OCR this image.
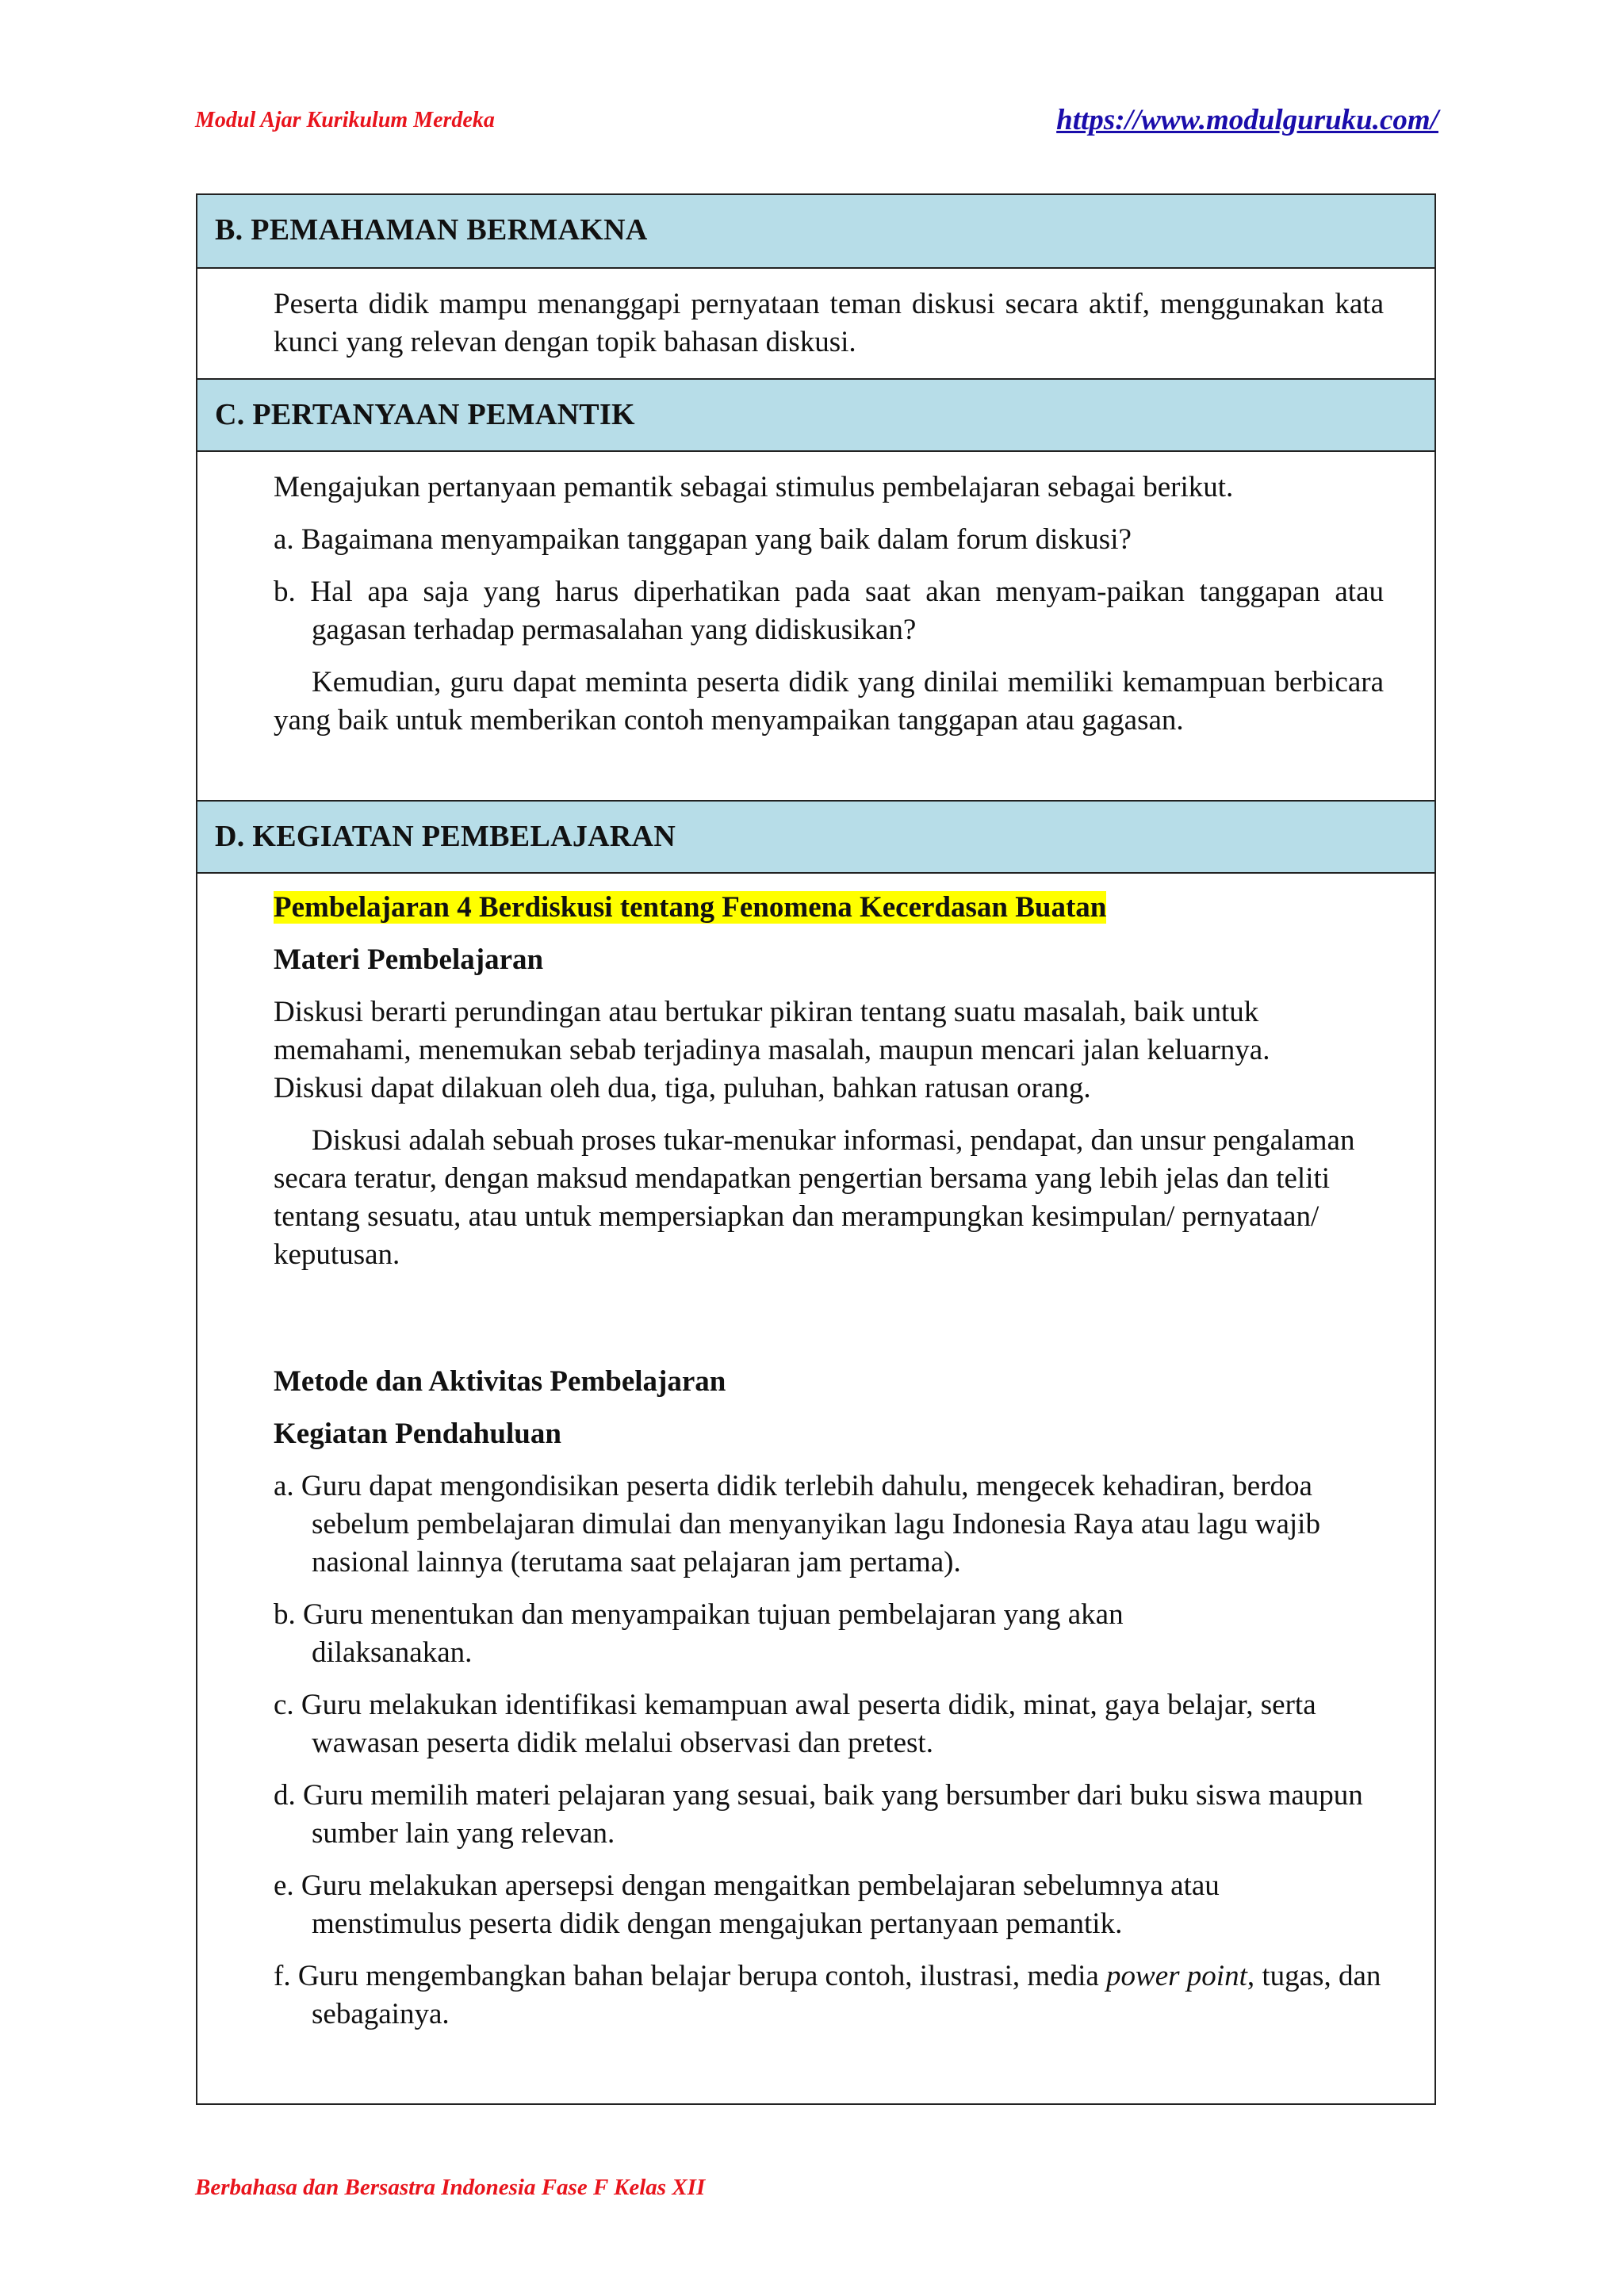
Modul Ajar Kurikulum Merdeka	https://www.modulguruku.com/
B. PEMAHAMAN BERMAKNA

Peserta didik mampu menanggapi pernyataan teman diskusi secara aktif, menggunakan kata kunci yang relevan dengan topik bahasan diskusi.

C. PERTANYAAN PEMANTIK

Mengajukan pertanyaan pemantik sebagai stimulus pembelajaran sebagai berikut.

a. Bagaimana menyampaikan tanggapan yang baik dalam forum diskusi?

b. Hal apa saja yang harus diperhatikan pada saat akan menyam-paikan tanggapan atau gagasan terhadap permasalahan yang didiskusikan?

Kemudian, guru dapat meminta peserta didik yang dinilai memiliki kemampuan berbicara yang baik untuk memberikan contoh menyampaikan tanggapan atau gagasan.

D. KEGIATAN PEMBELAJARAN

Pembelajaran 4 Berdiskusi tentang Fenomena Kecerdasan Buatan

Materi Pembelajaran

Diskusi berarti perundingan atau bertukar pikiran tentang suatu masalah, baik untuk memahami, menemukan sebab terjadinya masalah, maupun mencari jalan keluarnya. Diskusi dapat dilakuan oleh dua, tiga, puluhan, bahkan ratusan orang.

Diskusi adalah sebuah proses tukar-menukar informasi, pendapat, dan unsur pengalaman secara teratur, dengan maksud mendapatkan pengertian bersama yang lebih jelas dan teliti tentang sesuatu, atau untuk mempersiapkan dan merampungkan kesimpulan/ pernyataan/ keputusan.

Metode dan Aktivitas Pembelajaran

Kegiatan Pendahuluan

a. Guru dapat mengondisikan peserta didik terlebih dahulu, mengecek kehadiran, berdoa sebelum pembelajaran dimulai dan menyanyikan lagu Indonesia Raya atau lagu wajib nasional lainnya (terutama saat pelajaran jam pertama).

b. Guru menentukan dan menyampaikan tujuan pembelajaran yang akan dilaksanakan.

c. Guru melakukan identifikasi kemampuan awal peserta didik, minat, gaya belajar, serta wawasan peserta didik melalui observasi dan pretest.

d. Guru memilih materi pelajaran yang sesuai, baik yang bersumber dari buku siswa maupun sumber lain yang relevan.

e. Guru melakukan apersepsi dengan mengaitkan pembelajaran sebelumnya atau menstimulus peserta didik dengan mengajukan pertanyaan pemantik.

f. Guru mengembangkan bahan belajar berupa contoh, ilustrasi, media power point, tugas, dan sebagainya.

Berbahasa dan Bersastra Indonesia Fase F Kelas XII
